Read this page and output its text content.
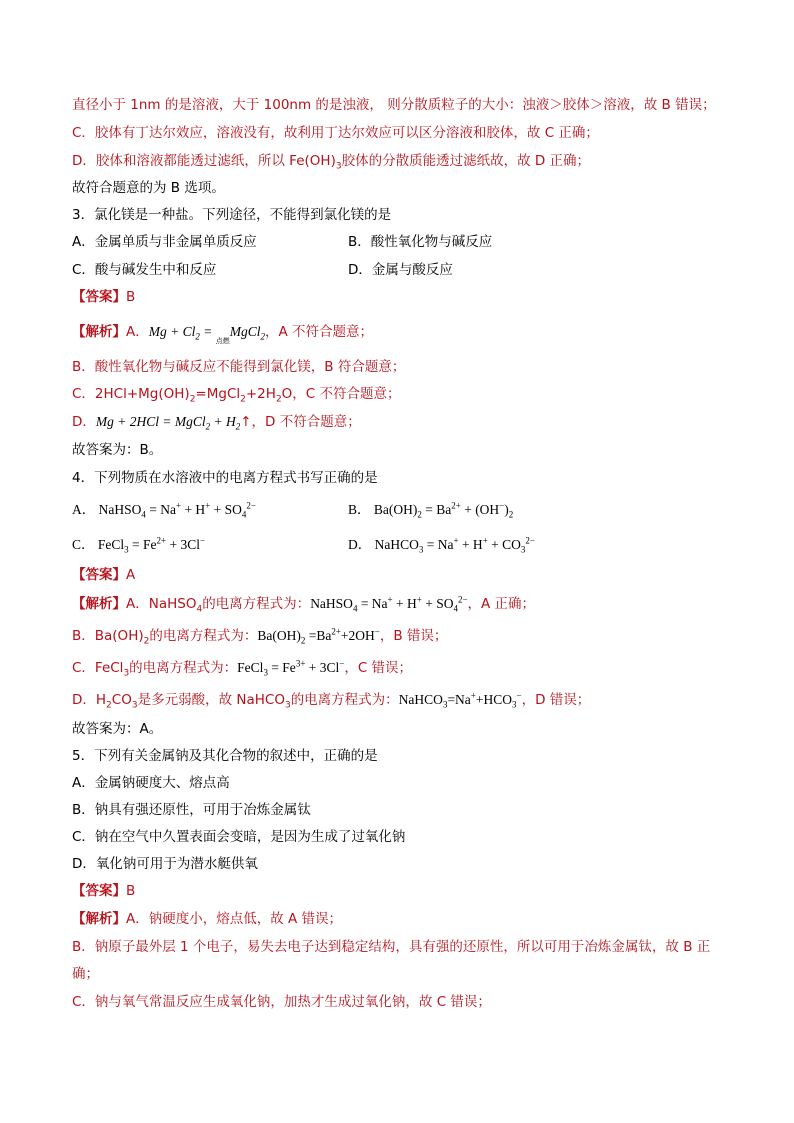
直径小于 1nm 的是溶液，大于 100nm 的是浊液， 则分散质粒子的大小：浊液＞胶体＞溶液，故 B 错误；
C．胶体有丁达尔效应，溶液没有，故利用丁达尔效应可以区分溶液和胶体，故 C 正确；
D．胶体和溶液都能透过滤纸，所以 $Fe(OH)_3$胶体的分散质能透过滤纸故，故 D 正确；
故符合题意的为 B 选项。
3．氯化镁是一种盐。下列途径，不能得到氯化镁的是
A．金属单质与非金属单质反应	B．酸性氧化物与碱反应
C．酸与碱发生中和反应	D．金属与酸反应
【答案】B
【解析】A．$Mg + Cl_2$ = $_{点燃}$MgCl$_2$，A 不符合题意；
B．酸性氧化物与碱反应不能得到氯化镁，B 符合题意；
C．$2HCl+Mg(OH)_2=MgCl_2+2H_2O$，C 不符合题意；
D．Mg + 2HCl = MgCl$_2$ + $H_2↑$，D 不符合题意；
故答案为：B。
4．下列物质在水溶液中的电离方程式书写正确的是
A． NaHSO$_4$ = $Na^+ + H^+ + SO_4^{2-}$	B． $Ba(OH)_2 = Ba^{2+} + (OH^-)_2$
C． FeCl$_3$ = $Fe^{2+} + 3Cl^-$	D． NaHCO$_3$ = $Na^+ + H^+ + CO_3^{2-}$
【答案】A
【解析】A．NaHSO$_4$的电离方程式为：NaHSO$_4$ = $Na^+ + H^+ + SO_4^{2-}$，A 正确；
B．$Ba(OH)_2$的电离方程式为：$Ba(OH)_2 =Ba^{2+}+2OH^-$，B 错误；
C．FeCl$_3$的电离方程式为：FeCl$_3$ = $Fe^{3+} + 3Cl^-$，C 错误；
D．$H_2CO_3$是多元弱酸，故 NaHCO$_3$的电离方程式为：$NaHCO_3=Na^++HCO_3^-$，D 错误；
故答案为：A。
5．下列有关金属钠及其化合物的叙述中，正确的是
A．金属钠硬度大、熔点高
B．钠具有强还原性，可用于冶炼金属钛
C．钠在空气中久置表面会变暗，是因为生成了过氧化钠
D．氧化钠可用于为潜水艇供氧
【答案】B
【解析】A．钠硬度小，熔点低，故 A 错误；
B．钠原子最外层 1 个电子，易失去电子达到稳定结构，具有强的还原性，所以可用于冶炼金属钛，故 B 正
确；
C．钠与氧气常温反应生成氧化钠，加热才生成过氧化钠，故 C 错误；
